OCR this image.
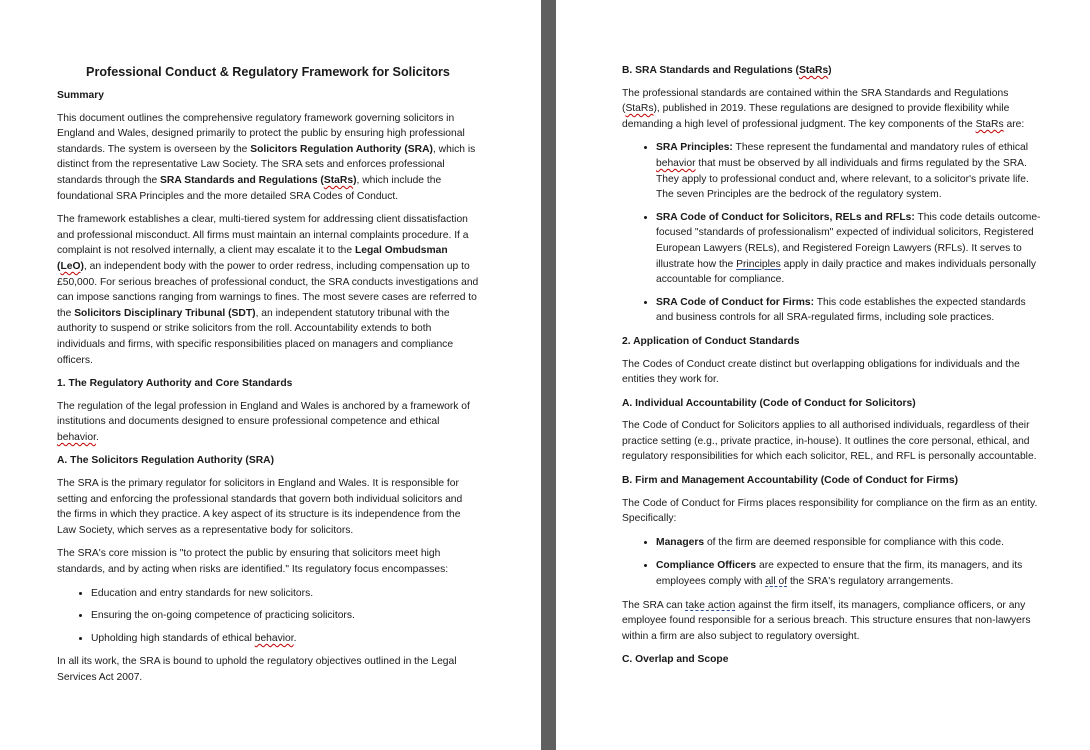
Professional Conduct & Regulatory Framework for Solicitors
Summary

This document outlines the comprehensive regulatory framework governing solicitors in England and Wales, designed primarily to protect the public by ensuring high professional standards. The system is overseen by the Solicitors Regulation Authority (SRA), which is distinct from the representative Law Society. The SRA sets and enforces professional standards through the SRA Standards and Regulations (StaRs), which include the foundational SRA Principles and the more detailed SRA Codes of Conduct.

The framework establishes a clear, multi-tiered system for addressing client dissatisfaction and professional misconduct. All firms must maintain an internal complaints procedure. If a complaint is not resolved internally, a client may escalate it to the Legal Ombudsman (LeO), an independent body with the power to order redress, including compensation up to £50,000. For serious breaches of professional conduct, the SRA conducts investigations and can impose sanctions ranging from warnings to fines. The most severe cases are referred to the Solicitors Disciplinary Tribunal (SDT), an independent statutory tribunal with the authority to suspend or strike solicitors from the roll. Accountability extends to both individuals and firms, with specific responsibilities placed on managers and compliance officers.

1. The Regulatory Authority and Core Standards

The regulation of the legal profession in England and Wales is anchored by a framework of institutions and documents designed to ensure professional competence and ethical behavior.

A. The Solicitors Regulation Authority (SRA)

The SRA is the primary regulator for solicitors in England and Wales. It is responsible for setting and enforcing the professional standards that govern both individual solicitors and the firms in which they practice. A key aspect of its structure is its independence from the Law Society, which serves as a representative body for solicitors.

The SRA's core mission is "to protect the public by ensuring that solicitors meet high standards, and by acting when risks are identified." Its regulatory focus encompasses:

• Education and entry standards for new solicitors.
• Ensuring the on-going competence of practicing solicitors.
• Upholding high standards of ethical behavior.

In all its work, the SRA is bound to uphold the regulatory objectives outlined in the Legal Services Act 2007.

B. SRA Standards and Regulations (StaRs)

The professional standards are contained within the SRA Standards and Regulations (StaRs), published in 2019. These regulations are designed to provide flexibility while demanding a high level of professional judgment. The key components of the StaRs are:

• SRA Principles: These represent the fundamental and mandatory rules of ethical behavior that must be observed by all individuals and firms regulated by the SRA. They apply to professional conduct and, where relevant, to a solicitor's private life. The seven Principles are the bedrock of the regulatory system.
• SRA Code of Conduct for Solicitors, RELs and RFLs: This code details outcome-focused "standards of professionalism" expected of individual solicitors, Registered European Lawyers (RELs), and Registered Foreign Lawyers (RFLs). It serves to illustrate how the Principles apply in daily practice and makes individuals personally accountable for compliance.
• SRA Code of Conduct for Firms: This code establishes the expected standards and business controls for all SRA-regulated firms, including sole practices.
2. Application of Conduct Standards

The Codes of Conduct create distinct but overlapping obligations for individuals and the entities they work for.

A. Individual Accountability (Code of Conduct for Solicitors)

The Code of Conduct for Solicitors applies to all authorised individuals, regardless of their practice setting (e.g., private practice, in-house). It outlines the core personal, ethical, and regulatory responsibilities for which each solicitor, REL, and RFL is personally accountable.

B. Firm and Management Accountability (Code of Conduct for Firms)

The Code of Conduct for Firms places responsibility for compliance on the firm as an entity. Specifically:

• Managers of the firm are deemed responsible for compliance with this code.
• Compliance Officers are expected to ensure that the firm, its managers, and its employees comply with all of the SRA's regulatory arrangements.

The SRA can take action against the firm itself, its managers, compliance officers, or any employee found responsible for a serious breach. This structure ensures that non-lawyers within a firm are also subject to regulatory oversight.

C. Overlap and Scope
